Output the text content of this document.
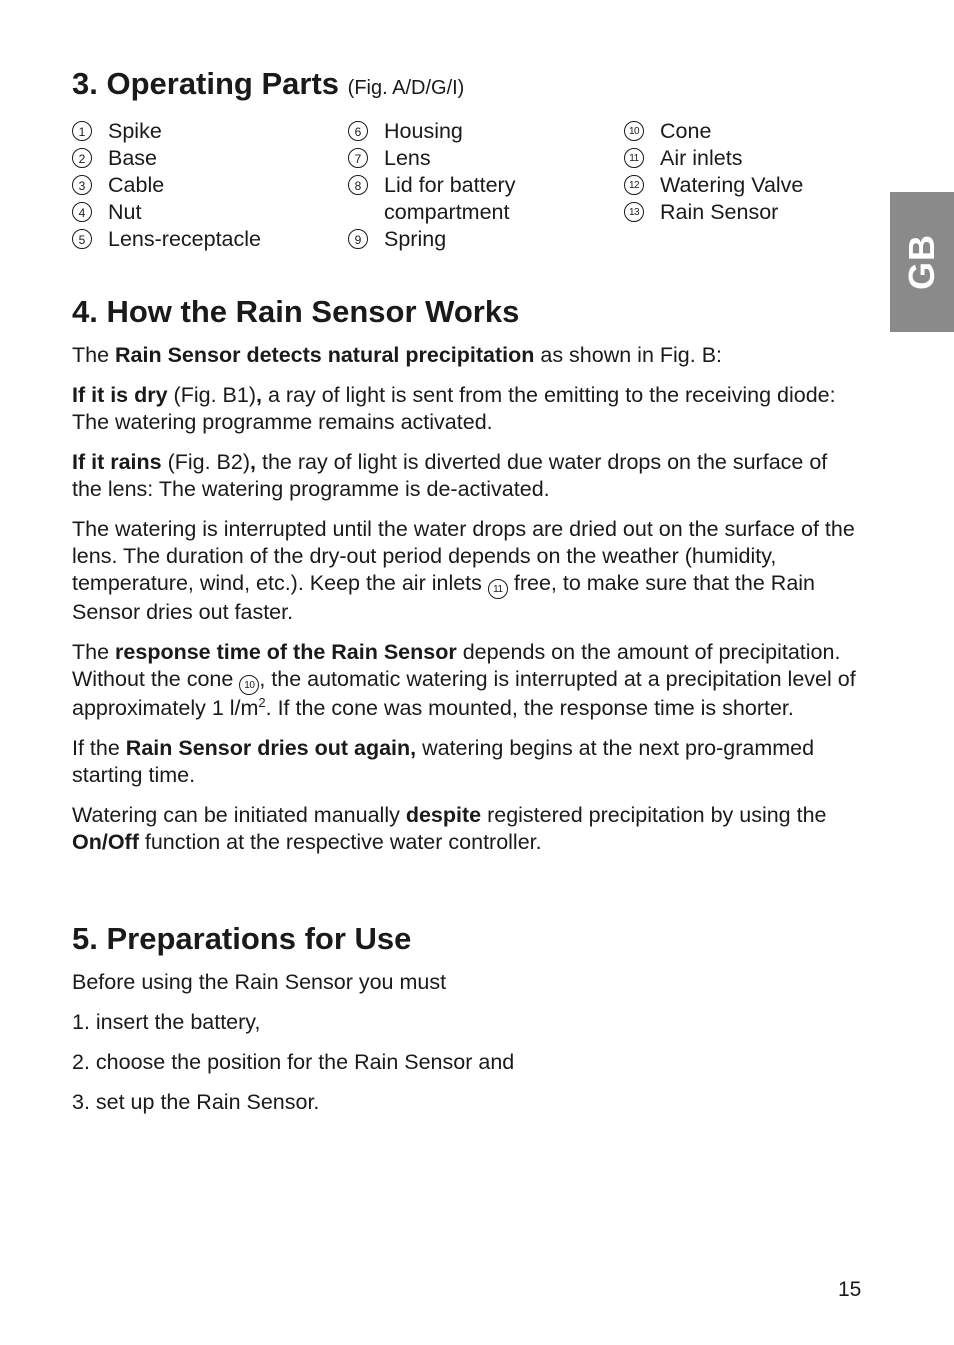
GB
3. Operating Parts (Fig. A/D/G/I)
1	Spike
2	Base
3	Cable
4	Nut
5	Lens-receptacle
6	Housing
7	Lens
8	Lid for battery
compartment
9	Spring
10 Cone
11 Air inlets
12 Watering Valve
13 Rain Sensor
4. How the Rain Sensor Works

The Rain Sensor detects natural precipitation as shown in Fig. B:

If it is dry (Fig. B1), a ray of light is sent from the emitting to the receiving diode: The watering programme remains activated.

If it rains (Fig. B2), the ray of light is diverted due water drops on the surface of the lens: The watering programme is de-activated.

The watering is interrupted until the water drops are dried out on the surface of the lens. The duration of the dry-out period depends on the weather (humidity, temperature, wind, etc.). Keep the air inlets 11 free, to make sure that the Rain Sensor dries out faster.

The response time of the Rain Sensor depends on the amount of precipitation. Without the cone 10 , the automatic watering is interrupted at a precipitation level of approximately 1 $l/m^2$. If the cone was mounted, the response time is shorter.

If the Rain Sensor dries out again, watering begins at the next pro-grammed starting time.

Watering can be initiated manually despite registered precipitation by using the On/Off function at the respective water controller.

5. Preparations for Use

Before using the Rain Sensor you must

1. insert the battery,

2. choose the position for the Rain Sensor and

3. set up the Rain Sensor.

15
